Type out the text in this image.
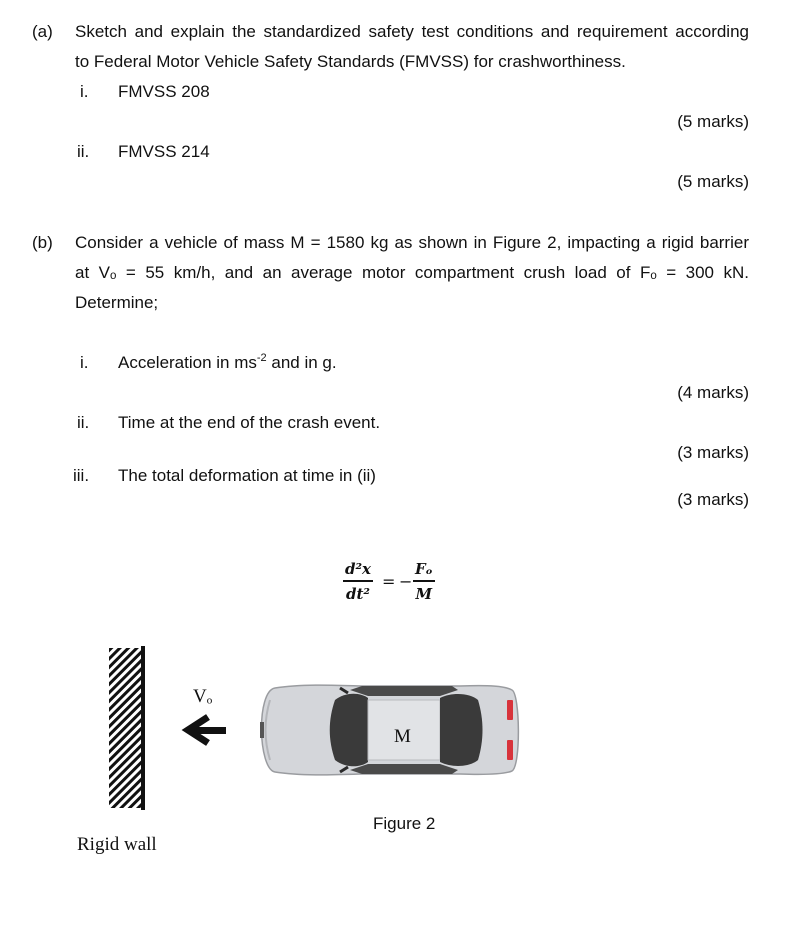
(a) Sketch and explain the standardized safety test conditions and requirement according
to Federal Motor Vehicle Safety Standards (FMVSS) for crashworthiness.
i. FMVSS 208
(5 marks)
ii. FMVSS 214
(5 marks)
(b) Consider a vehicle of mass M = 1580 kg as shown in Figure 2, impacting a rigid barrier
at Vₒ = 55 km/h, and an average motor compartment crush load of Fₒ = 300 kN.
Determine;
i. Acceleration in $ms^{-2}$ and in g.
(4 marks)
ii. Time at the end of the crash event.
(3 marks)
iii. The total deformation at time in (ii)
(3 marks)
d²x
dt²
= −
Fₒ
M
Vₒ
M
Figure 2
Rigid wall
